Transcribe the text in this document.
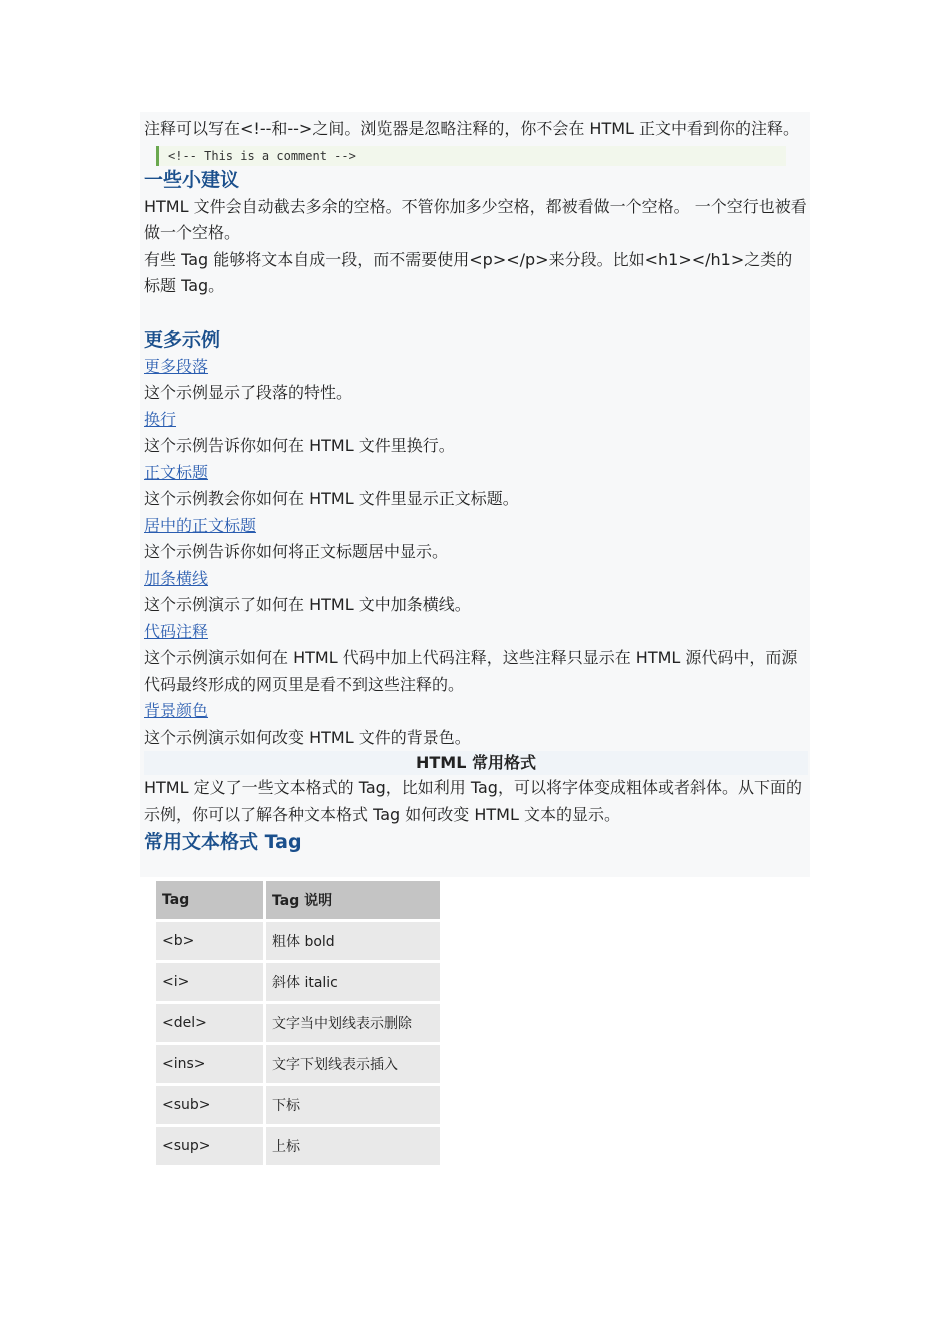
注释可以写在<!--和-->之间。浏览器是忽略注释的，你不会在 HTML 正文中看到你的注释。

<!-- This is a comment -->
一些小建议

HTML 文件会自动截去多余的空格。不管你加多少空格，都被看做一个空格。 一个空行也被看做一个空格。

有些 Tag 能够将文本自成一段，而不需要使用<p></p>来分段。比如<h1></h1>之类的标题 Tag。

更多示例
更多段落

这个示例显示了段落的特性。

换行

这个示例告诉你如何在 HTML 文件里换行。

正文标题

这个示例教会你如何在 HTML 文件里显示正文标题。

居中的正文标题

这个示例告诉你如何将正文标题居中显示。

加条横线

这个示例演示了如何在 HTML 文中加条横线。

代码注释

这个示例演示如何在 HTML 代码中加上代码注释，这些注释只显示在 HTML 源代码中，而源代码最终形成的网页里是看不到这些注释的。

背景颜色

这个示例演示如何改变 HTML 文件的背景色。

HTML 常用格式

HTML 定义了一些文本格式的 Tag，比如利用 Tag，可以将字体变成粗体或者斜体。从下面的示例，你可以了解各种文本格式 Tag 如何改变 HTML 文本的显示。

常用文本格式 Tag
Tag	Tag 说明
<b>	粗体 bold
<i>	斜体 italic
<del>	文字当中划线表示删除
<ins>	文字下划线表示插入
<sub>	下标
<sup>	上标
